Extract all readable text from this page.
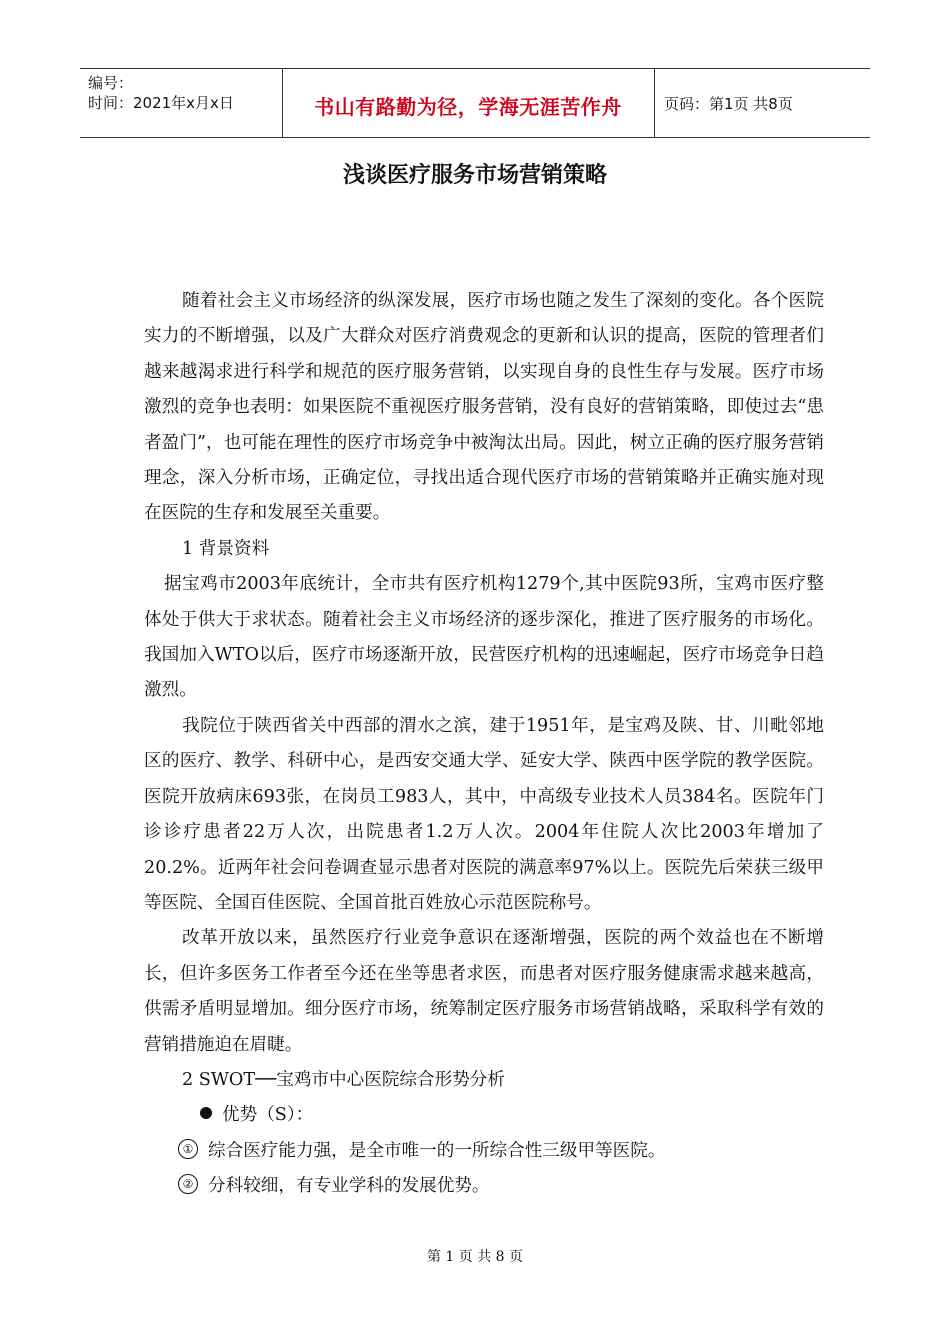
编号：
时间：2021年x月x日	书山有路勤为径，学海无涯苦作舟	页码：第1页 共8页
浅谈医疗服务市场营销策略

随着社会主义市场经济的纵深发展，医疗市场也随之发生了深刻的变化。各个医院实力的不断增强，以及广大群众对医疗消费观念的更新和认识的提高，医院的管理者们越来越渴求进行科学和规范的医疗服务营销，以实现自身的良性生存与发展。医疗市场激烈的竞争也表明：如果医院不重视医疗服务营销，没有良好的营销策略，即使过去“患者盈门”，也可能在理性的医疗市场竞争中被淘汰出局。因此，树立正确的医疗服务营销理念，深入分析市场，正确定位，寻找出适合现代医疗市场的营销策略并正确实施对现在医院的生存和发展至关重要。

1 背景资料

据宝鸡市2003年底统计，全市共有医疗机构1279个,其中医院93所，宝鸡市医疗整体处于供大于求状态。随着社会主义市场经济的逐步深化，推进了医疗服务的市场化。我国加入WTO以后，医疗市场逐渐开放，民营医疗机构的迅速崛起，医疗市场竞争日趋激烈。

我院位于陕西省关中西部的渭水之滨，建于1951年，是宝鸡及陕、甘、川毗邻地区的医疗、教学、科研中心，是西安交通大学、延安大学、陕西中医学院的教学医院。医院开放病床693张，在岗员工983人，其中，中高级专业技术人员384名。医院年门诊诊疗患者22万人次，出院患者1.2万人次。2004年住院人次比2003年增加了20.2%。近两年社会问卷调查显示患者对医院的满意率97%以上。医院先后荣获三级甲等医院、全国百佳医院、全国首批百姓放心示范医院称号。

改革开放以来，虽然医疗行业竞争意识在逐渐增强，医院的两个效益也在不断增长，但许多医务工作者至今还在坐等患者求医，而患者对医疗服务健康需求越来越高，供需矛盾明显增加。细分医疗市场，统筹制定医疗服务市场营销战略，采取科学有效的营销措施迫在眉睫。

2 SWOT──宝鸡市中心医院综合形势分析

优势（S）：

① 综合医疗能力强，是全市唯一的一所综合性三级甲等医院。

② 分科较细，有专业学科的发展优势。

第 1 页 共 8 页
